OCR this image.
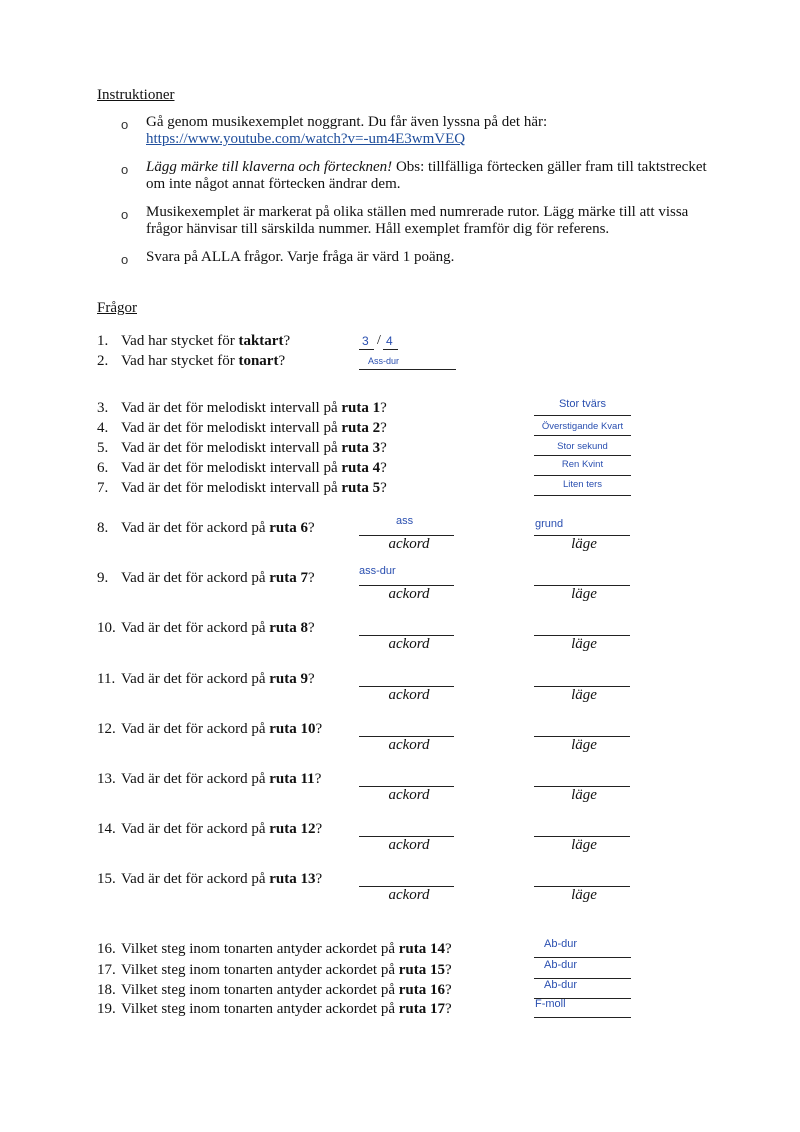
Instruktioner
o Gå genom musikexemplet noggrant. Du får även lyssna på det här:
https://www.youtube.com/watch?v=-um4E3wmVEQ
o Lägg märke till klaverna och förtecknen! Obs: tillfälliga förtecken gäller fram till taktstrecket
om inte något annat förtecken ändrar dem.
o Musikexemplet är markerat på olika ställen med numrerade rutor. Lägg märke till att vissa
frågor hänvisar till särskilda nummer. Håll exemplet framför dig för referens.
o Svara på ALLA frågor. Varje fråga är värd 1 poäng.
Frågor
1. Vad har stycket för taktart?	3 / 4
2. Vad har stycket för tonart?	Ass-dur
3. Vad är det för melodiskt intervall på ruta 1?	Stor tvärs
4. Vad är det för melodiskt intervall på ruta 2?	Överstigande Kvart
5. Vad är det för melodiskt intervall på ruta 3?	Stor sekund
6. Vad är det för melodiskt intervall på ruta 4?	Ren Kvint
7. Vad är det för melodiskt intervall på ruta 5?	Liten ters
8. Vad är det för ackord på ruta 6?	ass	grund
ackord	läge
9. Vad är det för ackord på ruta 7?	ass-dur
ackord	läge
10. Vad är det för ackord på ruta 8?
ackord	läge
11. Vad är det för ackord på ruta 9?
ackord	läge
12. Vad är det för ackord på ruta 10?
ackord	läge
13. Vad är det för ackord på ruta 11?
ackord	läge
14. Vad är det för ackord på ruta 12?
ackord	läge
15. Vad är det för ackord på ruta 13?
ackord	läge
16. Vilket steg inom tonarten antyder ackordet på ruta 14?	Ab-dur
17. Vilket steg inom tonarten antyder ackordet på ruta 15?	Ab-dur
18. Vilket steg inom tonarten antyder ackordet på ruta 16?	Ab-dur
19. Vilket steg inom tonarten antyder ackordet på ruta 17?	F-moll
